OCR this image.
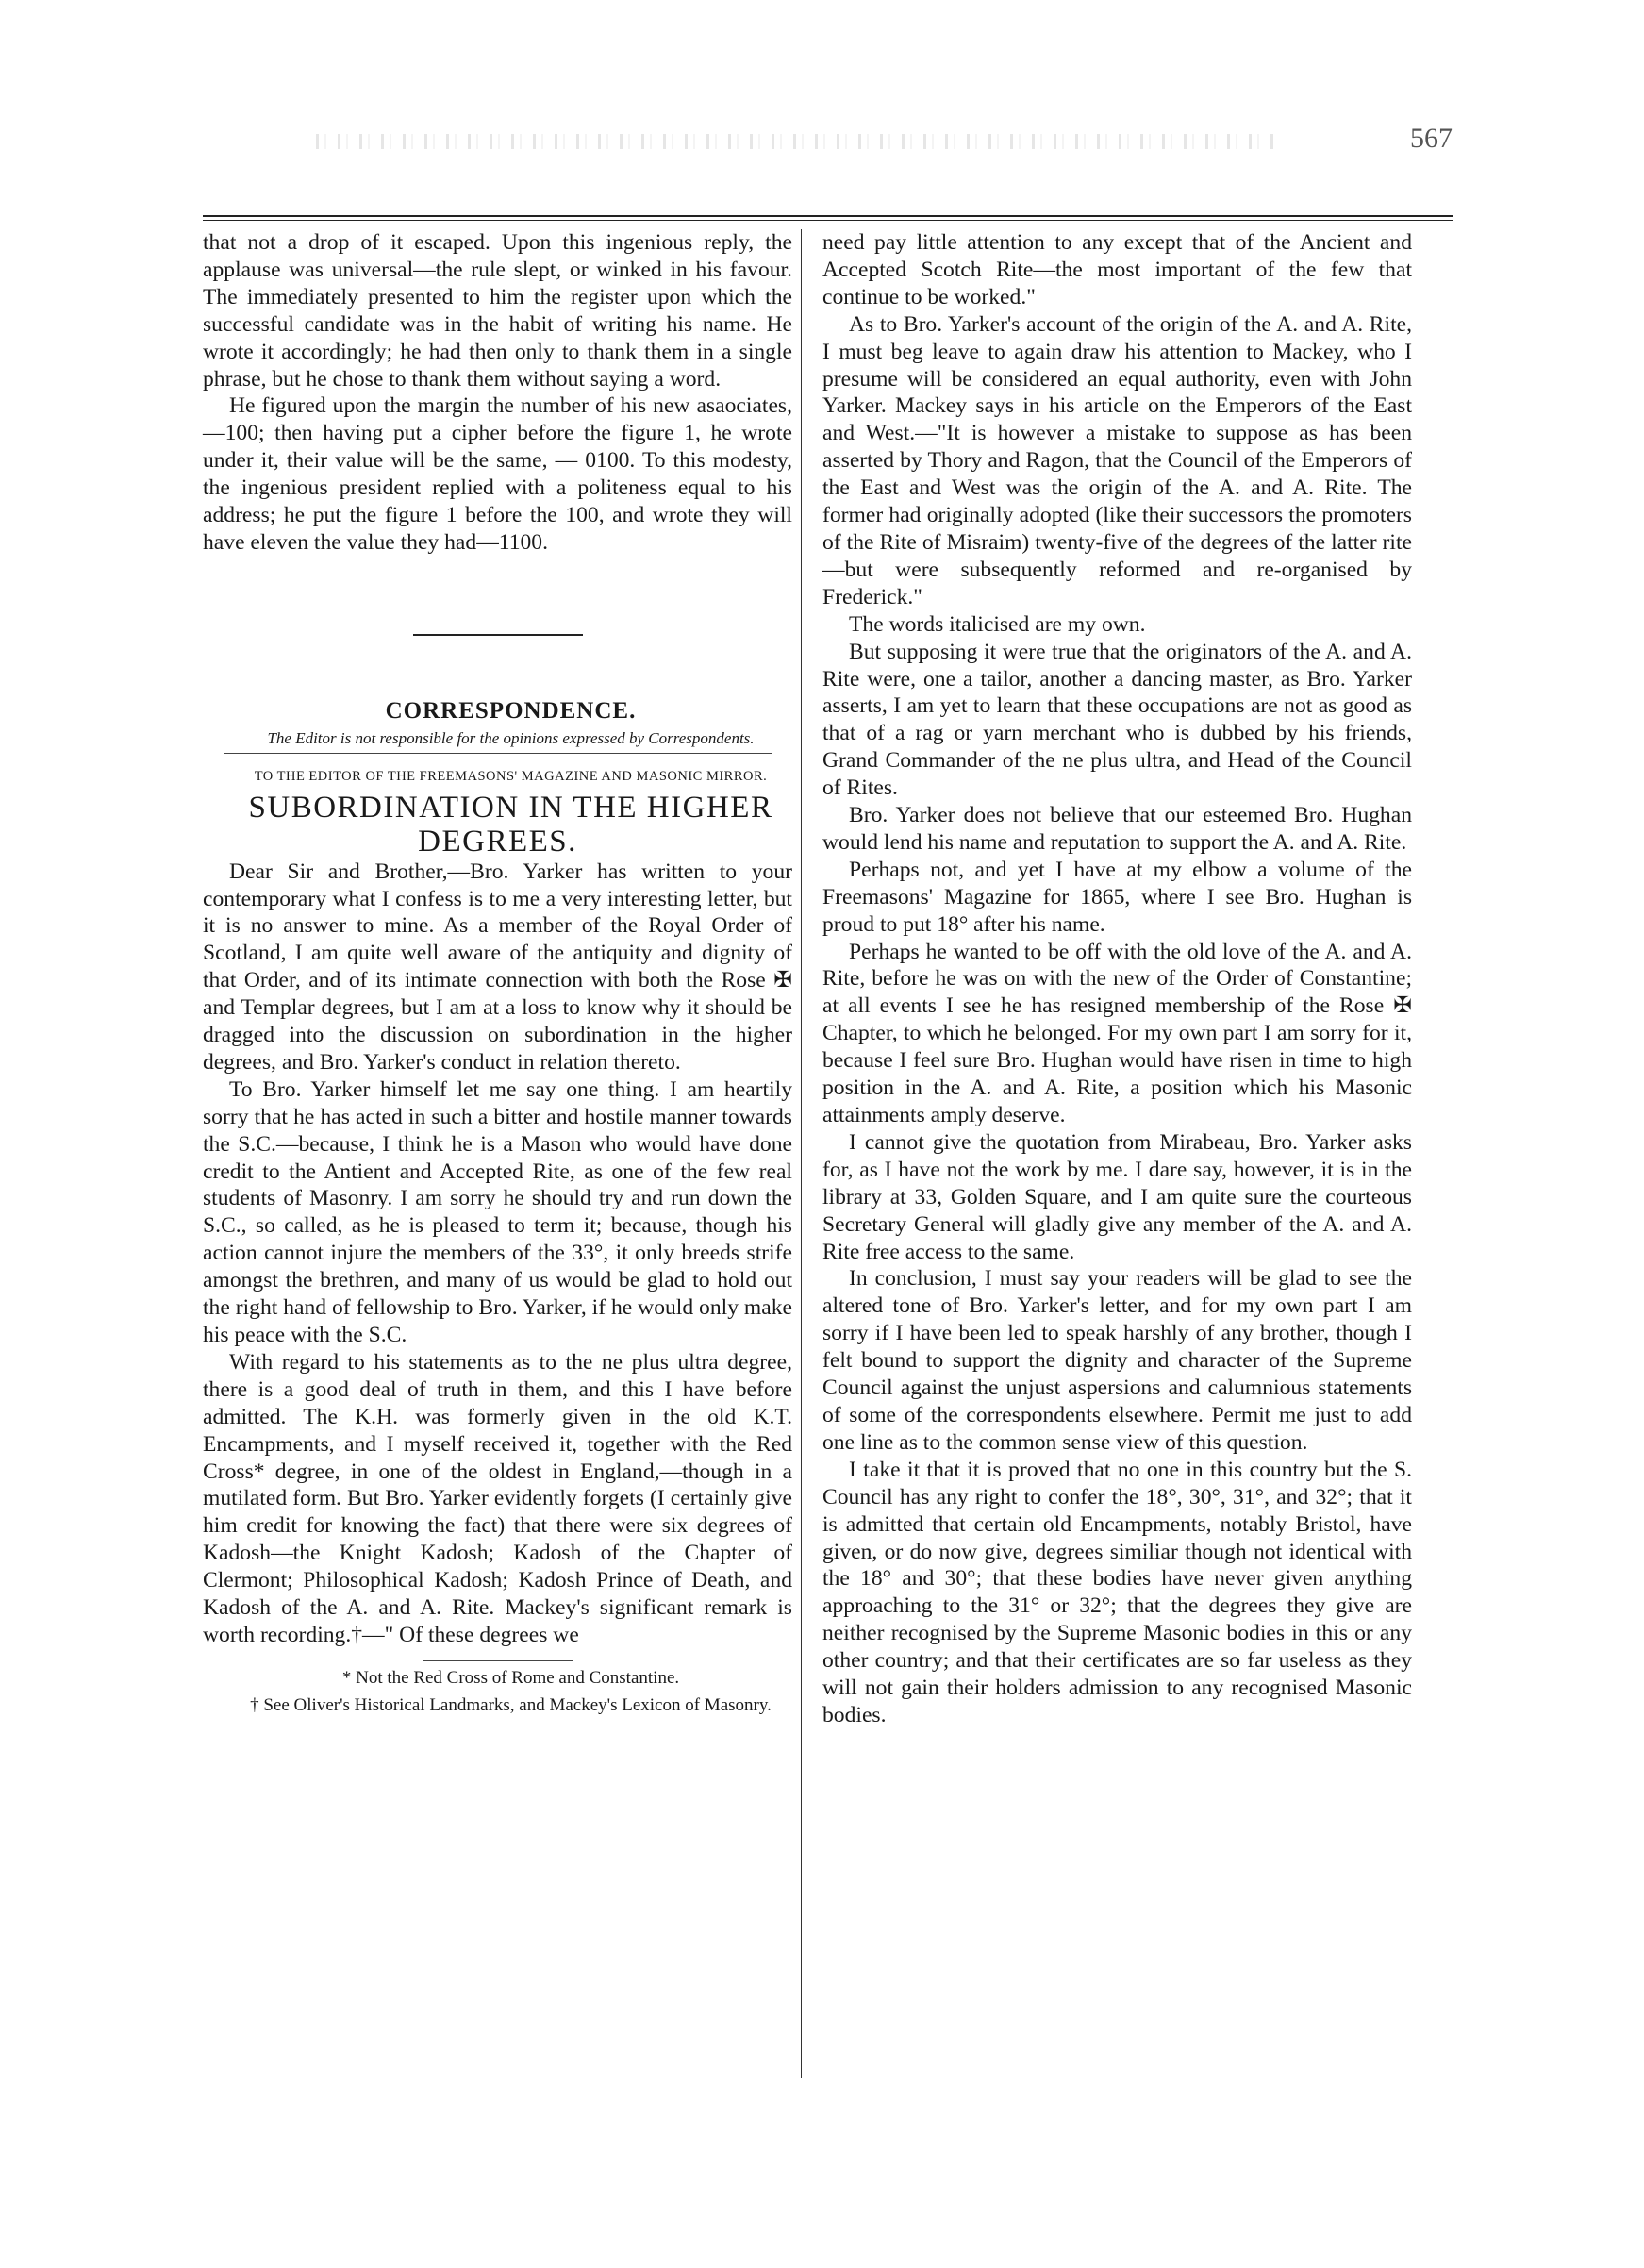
567

that not a drop of it escaped. Upon this ingenious reply, the applause was universal—the rule slept, or winked in his favour. The immediately presented to him the register upon which the successful candidate was in the habit of writing his name. He wrote it accordingly; he had then only to thank them in a single phrase, but he chose to thank them without saying a word.

He figured upon the margin the number of his new asaociates,—100; then having put a cipher before the figure 1, he wrote under it, their value will be the same, — 0100. To this modesty, the ingenious president replied with a politeness equal to his address; he put the figure 1 before the 100, and wrote they will have eleven the value they had—1100.

CORRESPONDENCE.

The Editor is not responsible for the opinions expressed by Correspondents.

TO THE EDITOR OF THE FREEMASONS' MAGAZINE AND MASONIC MIRROR.

SUBORDINATION IN THE HIGHER DEGREES.

Dear Sir and Brother,—Bro. Yarker has written to your contemporary what I confess is to me a very interesting letter, but it is no answer to mine. As a member of the Royal Order of Scotland, I am quite well aware of the antiquity and dignity of that Order, and of its intimate connection with both the Rose ✠ and Templar degrees, but I am at a loss to know why it should be dragged into the discussion on subordination in the higher degrees, and Bro. Yarker's conduct in relation thereto.

To Bro. Yarker himself let me say one thing. I am heartily sorry that he has acted in such a bitter and hostile manner towards the S.C.—because, I think he is a Mason who would have done credit to the Antient and Accepted Rite, as one of the few real students of Masonry. I am sorry he should try and run down the S.C., so called, as he is pleased to term it; because, though his action cannot injure the members of the 33°, it only breeds strife amongst the brethren, and many of us would be glad to hold out the right hand of fellowship to Bro. Yarker, if he would only make his peace with the S.C.

With regard to his statements as to the ne plus ultra degree, there is a good deal of truth in them, and this I have before admitted. The K.H. was formerly given in the old K.T. Encampments, and I myself received it, together with the Red Cross* degree, in one of the oldest in England,—though in a mutilated form. But Bro. Yarker evidently forgets (I certainly give him credit for knowing the fact) that there were six degrees of Kadosh—the Knight Kadosh; Kadosh of the Chapter of Clermont; Philosophical Kadosh; Kadosh Prince of Death, and Kadosh of the A. and A. Rite. Mackey's significant remark is worth recording.†—" Of these degrees we

* Not the Red Cross of Rome and Constantine.

† See Oliver's Historical Landmarks, and Mackey's Lexicon of Masonry.

need pay little attention to any except that of the Ancient and Accepted Scotch Rite—the most important of the few that continue to be worked."

As to Bro. Yarker's account of the origin of the A. and A. Rite, I must beg leave to again draw his attention to Mackey, who I presume will be considered an equal authority, even with John Yarker. Mackey says in his article on the Emperors of the East and West.—"It is however a mistake to suppose as has been asserted by Thory and Ragon, that the Council of the Emperors of the East and West was the origin of the A. and A. Rite. The former had originally adopted (like their successors the promoters of the Rite of Misraim) twenty-five of the degrees of the latter rite—but were subsequently reformed and re-organised by Frederick."

The words italicised are my own.

But supposing it were true that the originators of the A. and A. Rite were, one a tailor, another a dancing master, as Bro. Yarker asserts, I am yet to learn that these occupations are not as good as that of a rag or yarn merchant who is dubbed by his friends, Grand Commander of the ne plus ultra, and Head of the Council of Rites.

Bro. Yarker does not believe that our esteemed Bro. Hughan would lend his name and reputation to support the A. and A. Rite.

Perhaps not, and yet I have at my elbow a volume of the Freemasons' Magazine for 1865, where I see Bro. Hughan is proud to put 18° after his name.

Perhaps he wanted to be off with the old love of the A. and A. Rite, before he was on with the new of the Order of Constantine; at all events I see he has resigned membership of the Rose ✠ Chapter, to which he belonged. For my own part I am sorry for it, because I feel sure Bro. Hughan would have risen in time to high position in the A. and A. Rite, a position which his Masonic attainments amply deserve.

I cannot give the quotation from Mirabeau, Bro. Yarker asks for, as I have not the work by me. I dare say, however, it is in the library at 33, Golden Square, and I am quite sure the courteous Secretary General will gladly give any member of the A. and A. Rite free access to the same.

In conclusion, I must say your readers will be glad to see the altered tone of Bro. Yarker's letter, and for my own part I am sorry if I have been led to speak harshly of any brother, though I felt bound to support the dignity and character of the Supreme Council against the unjust aspersions and calumnious statements of some of the correspondents elsewhere. Permit me just to add one line as to the common sense view of this question.

I take it that it is proved that no one in this country but the S. Council has any right to confer the 18°, 30°, 31°, and 32°; that it is admitted that certain old Encampments, notably Bristol, have given, or do now give, degrees similiar though not identical with the 18° and 30°; that these bodies have never given anything approaching to the 31° or 32°; that the degrees they give are neither recognised by the Supreme Masonic bodies in this or any other country; and that their certificates are so far useless as they will not gain their holders admission to any recognised Masonic bodies.
